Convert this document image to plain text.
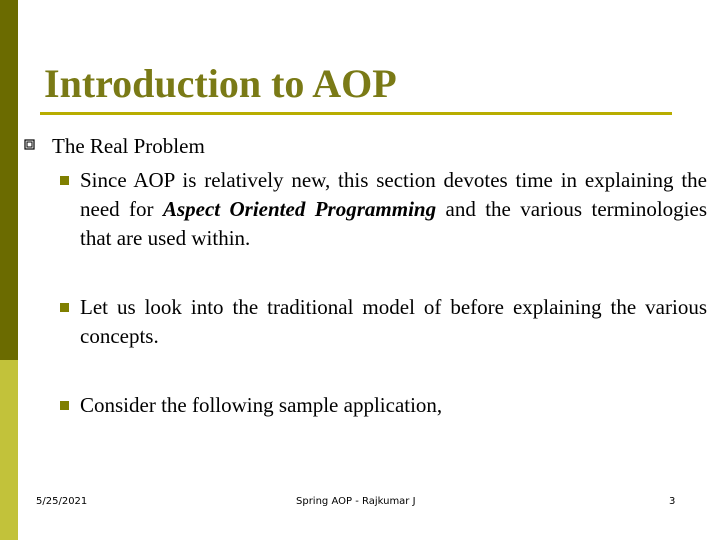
Introduction to AOP
The Real Problem
Since AOP is relatively new, this section devotes time in explaining the need for Aspect Oriented Programming and the various terminologies that are used within.
Let us look into the traditional model of before explaining the various concepts.
Consider the following sample application,
5/25/2021	Spring AOP - Rajkumar J	3
